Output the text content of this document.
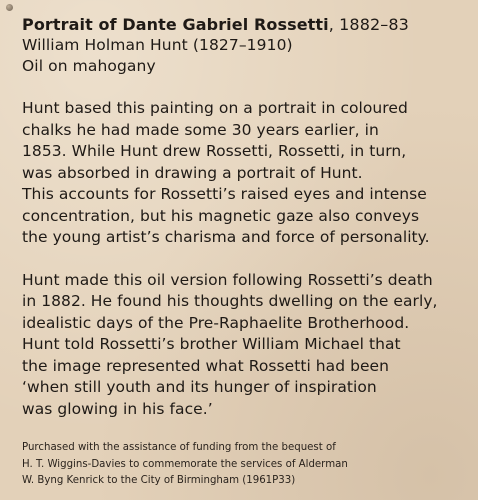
Portrait of Dante Gabriel Rossetti, 1882–83

William Holman Hunt (1827–1910)

Oil on mahogany

Hunt based this painting on a portrait in coloured

chalks he had made some 30 years earlier, in

1853. While Hunt drew Rossetti, Rossetti, in turn,

was absorbed in drawing a portrait of Hunt.

This accounts for Rossetti’s raised eyes and intense

concentration, but his magnetic gaze also conveys

the young artist’s charisma and force of personality.

Hunt made this oil version following Rossetti’s death

in 1882. He found his thoughts dwelling on the early,

idealistic days of the Pre-Raphaelite Brotherhood.

Hunt told Rossetti’s brother William Michael that

the image represented what Rossetti had been

‘when still youth and its hunger of inspiration

was glowing in his face.’

Purchased with the assistance of funding from the bequest of

H. T. Wiggins-Davies to commemorate the services of Alderman

W. Byng Kenrick to the City of Birmingham (1961P33)
